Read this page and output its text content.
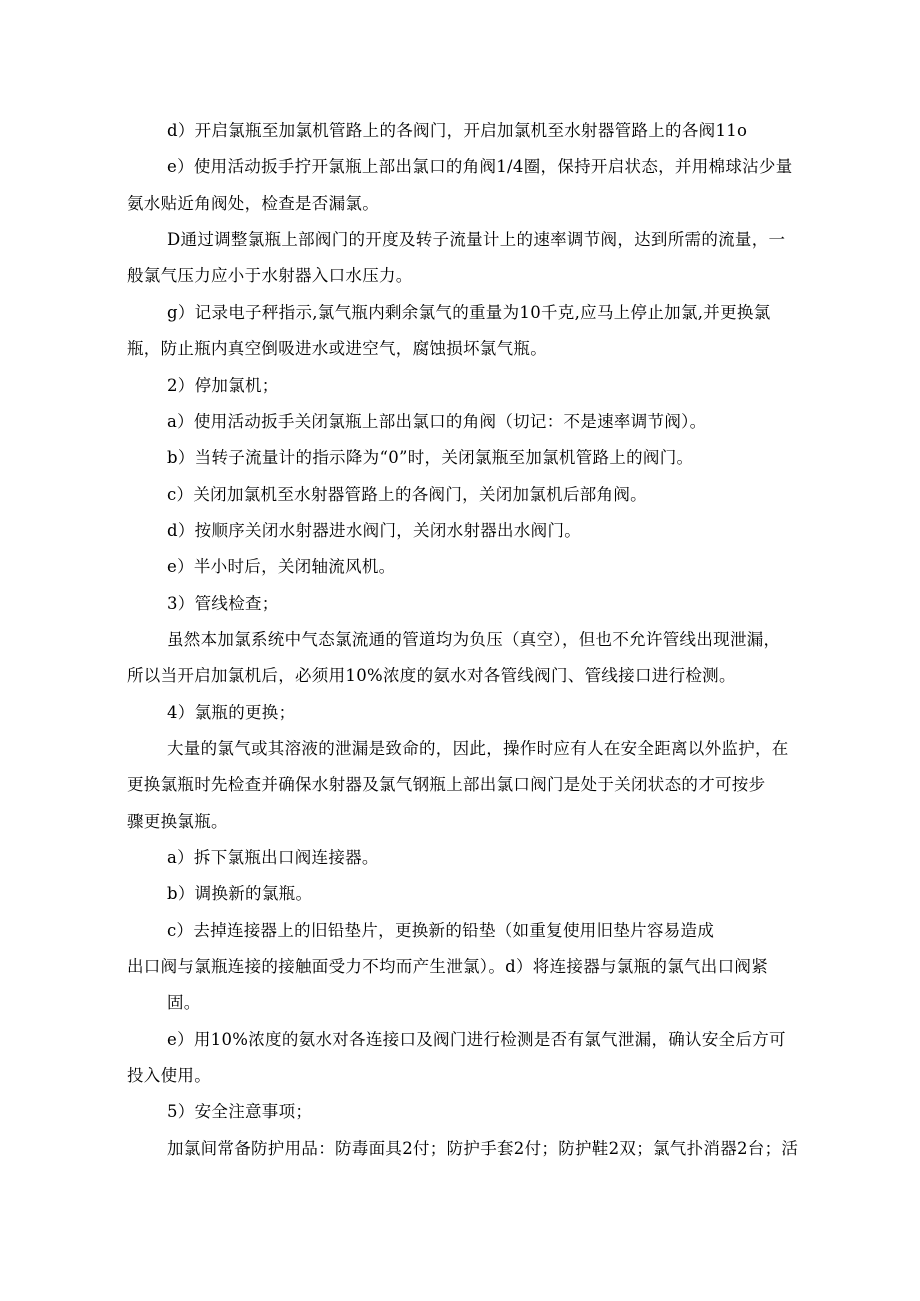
d）开启氯瓶至加氯机管路上的各阀门，开启加氯机至水射器管路上的各阀11o
e）使用活动扳手拧开氯瓶上部出氯口的角阀1/4圈，保持开启状态，并用棉球沾少量
氨水贴近角阀处，检查是否漏氯。
D通过调整氯瓶上部阀门的开度及转子流量计上的速率调节阀，达到所需的流量，一
般氯气压力应小于水射器入口水压力。
g）记录电子秤指示,氯气瓶内剩余氯气的重量为10千克,应马上停止加氯,并更换氯
瓶，防止瓶内真空倒吸进水或进空气，腐蚀损坏氯气瓶。
2）停加氯机；
a）使用活动扳手关闭氯瓶上部出氯口的角阀（切记：不是速率调节阀）。
b）当转子流量计的指示降为“0”时，关闭氯瓶至加氯机管路上的阀门。
c）关闭加氯机至水射器管路上的各阀门，关闭加氯机后部角阀。
d）按顺序关闭水射器进水阀门，关闭水射器出水阀门。
e）半小时后，关闭轴流风机。
3）管线检查；
虽然本加氯系统中气态氯流通的管道均为负压（真空），但也不允许管线出现泄漏，
所以当开启加氯机后，必须用10%浓度的氨水对各管线阀门、管线接口进行检测。
4）氯瓶的更换；
大量的氯气或其溶液的泄漏是致命的，因此，操作时应有人在安全距离以外监护，在
更换氯瓶时先检查并确保水射器及氯气钢瓶上部出氯口阀门是处于关闭状态的才可按步
骤更换氯瓶。
a）拆下氯瓶出口阀连接器。
b）调换新的氯瓶。
c）去掉连接器上的旧铅垫片，更换新的铅垫（如重复使用旧垫片容易造成
出口阀与氯瓶连接的接触面受力不均而产生泄氯）。d）将连接器与氯瓶的氯气出口阀紧
固。
e）用10%浓度的氨水对各连接口及阀门进行检测是否有氯气泄漏，确认安全后方可
投入使用。
5）安全注意事项；
加氯间常备防护用品：防毒面具2付；防护手套2付；防护鞋2双；氯气扑消器2台；活
